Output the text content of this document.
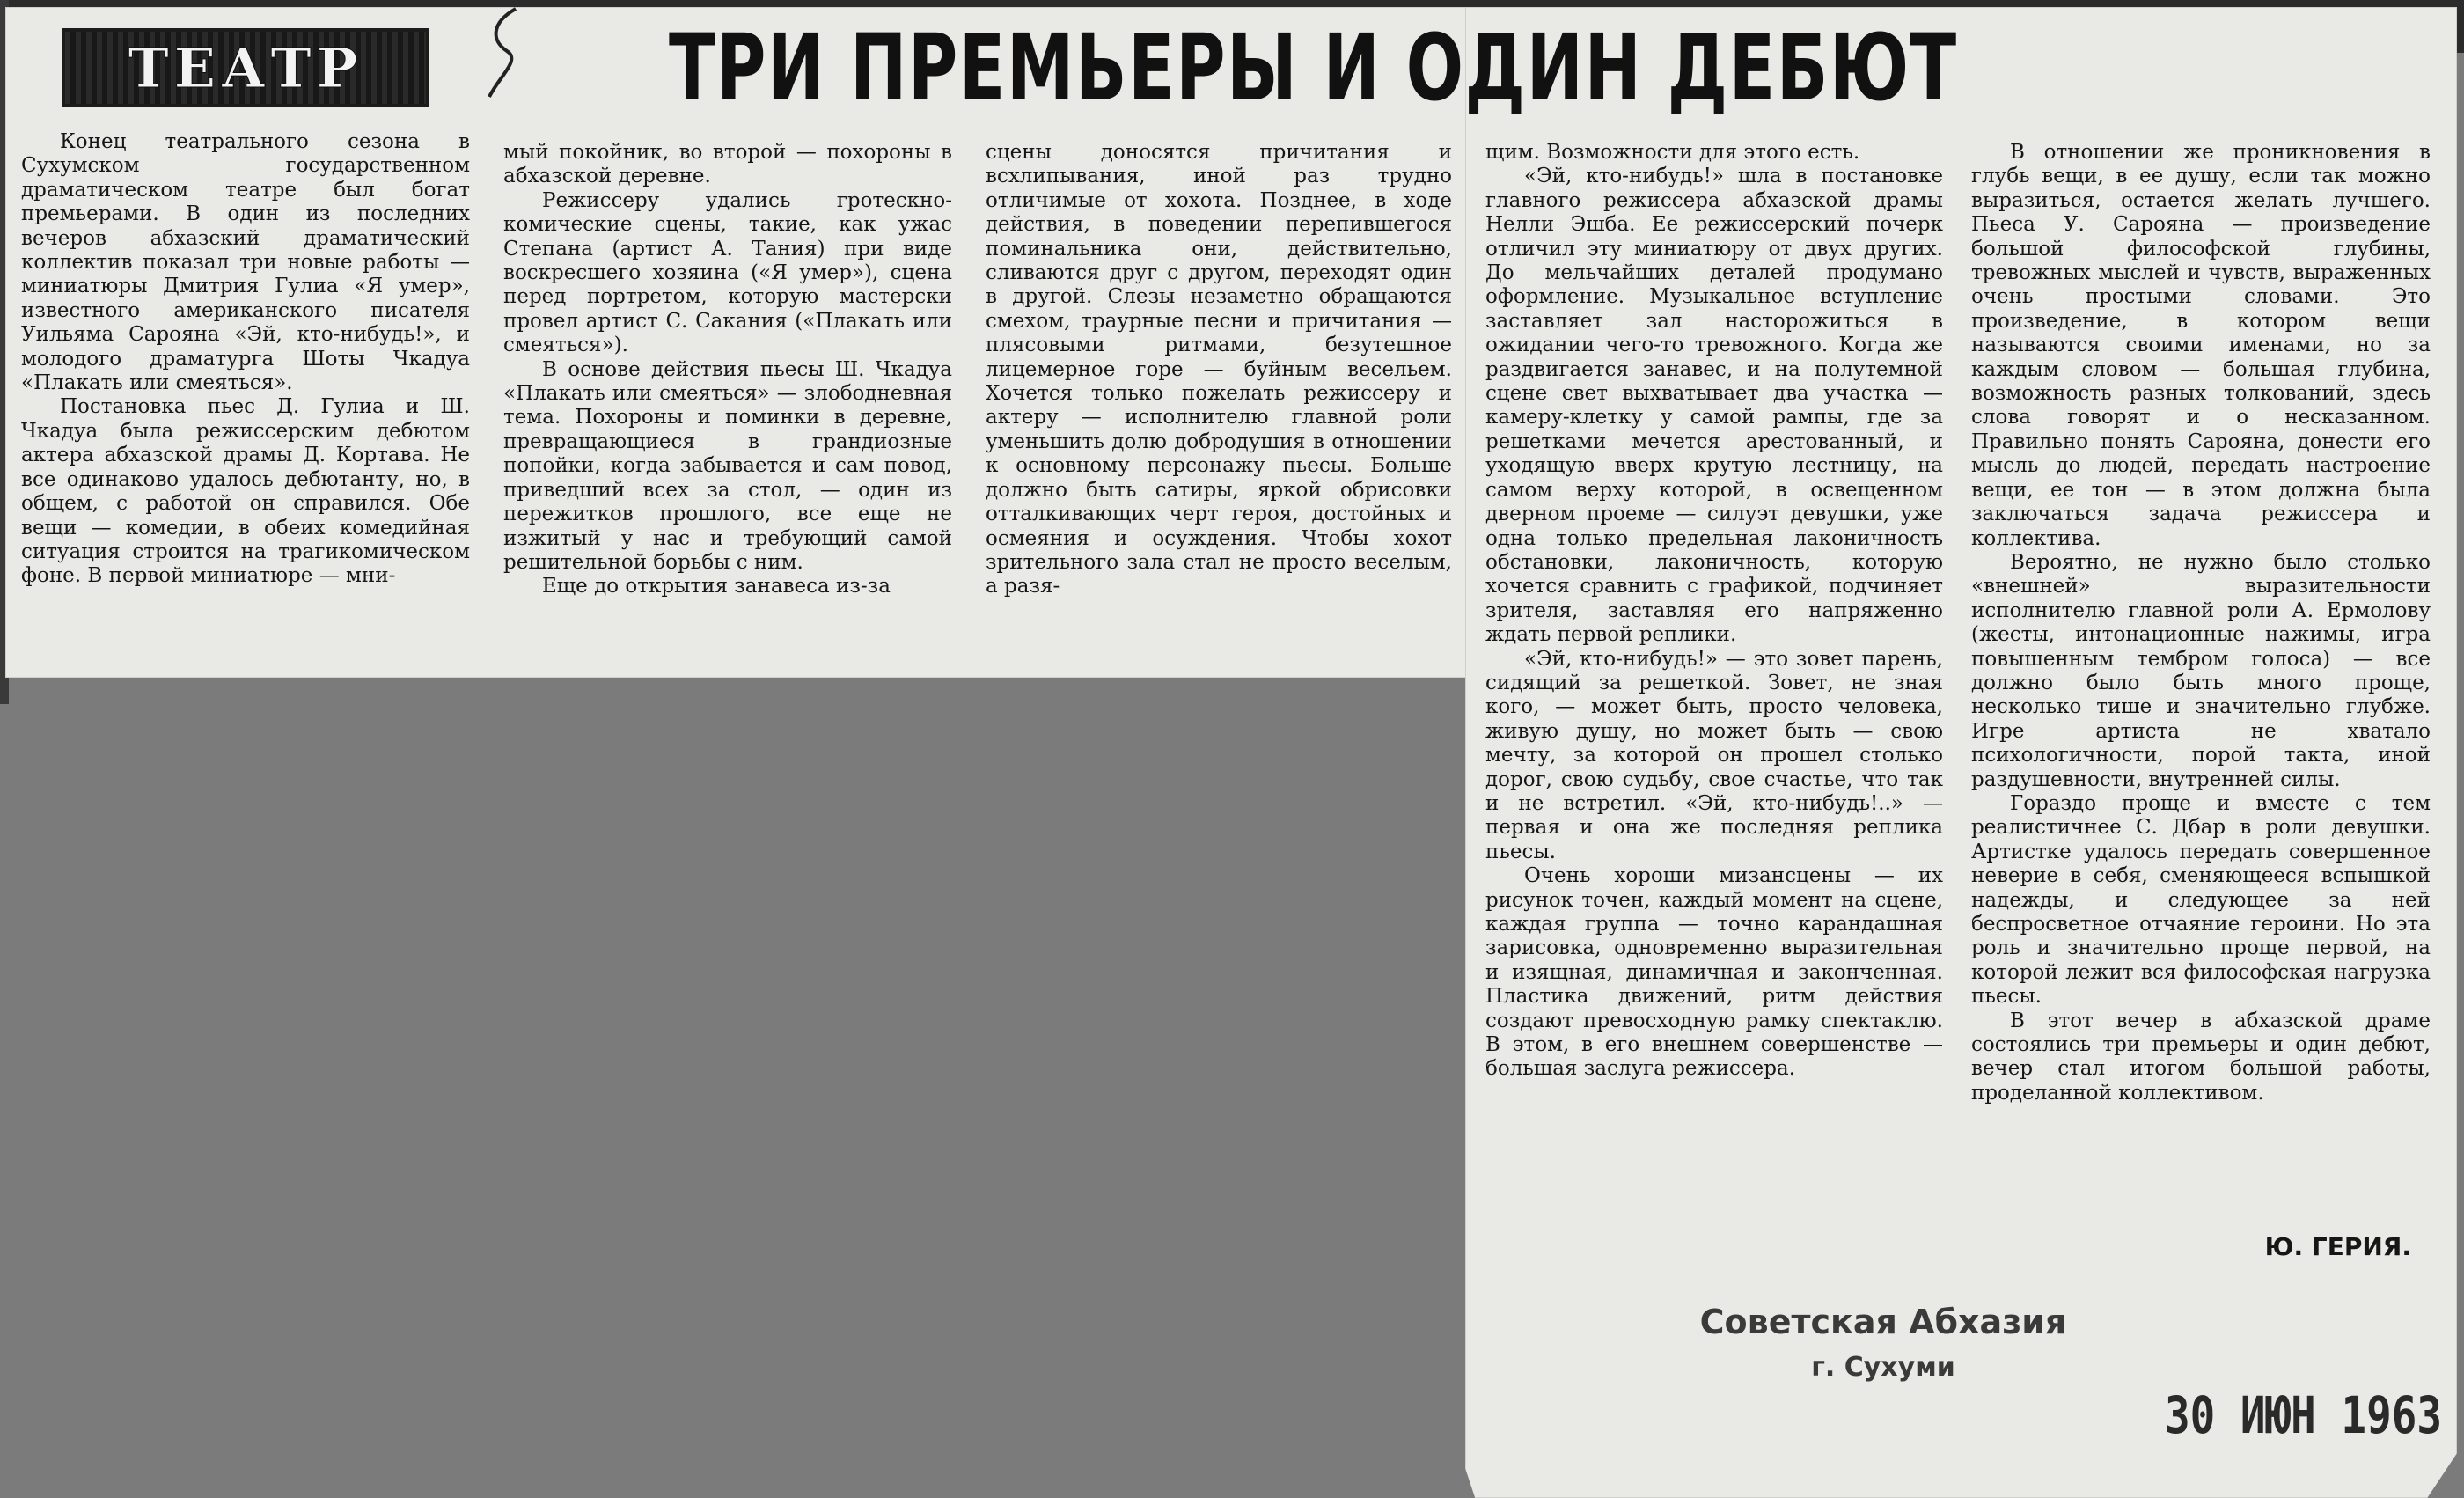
ТЕАТР	ТРИ ПРЕМЬЕРЫ И ОДИН ДЕБЮТ

Конец театрального сезона в Сухумском государственном драматическом театре был богат премьерами. В один из последних вечеров абхазский драматический коллектив показал три новые работы —миниатюры Дмитрия Гулиа «Я умер», известного американского писателя Уильяма Сарояна «Эй, кто-нибудь!», и молодого драматурга Шоты Чкадуа «Плакать или смеяться».

Постановка пьес Д. Гулиа и Ш. Чкадуа была режиссерским дебютом актера абхазской драмы Д. Кортава. Не все одинаково удалось дебютанту, но, в общем, с работой он справился. Обе вещи — комедии, в обеих комедийная ситуация строится на трагикомическом фоне. В первой миниатюре — мни-

мый покойник, во второй — похороны в абхазской деревне.

Режиссеру удались гротескно-комические сцены, такие, как ужас Степана (артист А. Тания) при виде воскресшего хозяина («Я умер»), сцена перед портретом, которую мастерски провел артист С. Сакания («Плакать или смеяться»).

В основе действия пьесы Ш. Чкадуа «Плакать или смеяться» — злободневная тема. Похороны и поминки в деревне, превращающиеся в грандиозные попойки, когда забывается и сам повод, приведший всех за стол, — один из пережитков прошлого, все еще не изжитый у нас и требующий самой решительной борьбы с ним.

Еще до открытия занавеса из-за

сцены доносятся причитания и всхлипывания, иной раз трудно отличимые от хохота. Позднее, в ходе действия, в поведении перепившегося поминальника они, действительно, сливаются друг с другом, переходят один в другой. Слезы незаметно обращаются смехом, траурные песни и причитания — плясовыми ритмами, безутешное лицемерное горе — буйным весельем. Хочется только пожелать режиссеру и актеру — исполнителю главной роли уменьшить долю добродушия в отношении к основному персонажу пьесы. Больше должно быть сатиры, яркой обрисовки отталкивающих черт героя, достойных и осмеяния и осуждения. Чтобы хохот зрительного зала стал не просто веселым, а разя-

щим. Возможности для этого есть.

«Эй, кто-нибудь!» шла в постановке главного режиссера абхазской драмы Нелли Эшба. Ее режиссерский почерк отличил эту миниатюру от двух других. До мельчайших деталей продумано оформление. Музыкальное вступление заставляет зал насторожиться в ожидании чего-то тревожного. Когда же раздвигается занавес, и на полутемной сцене свет выхватывает два участка — камеру-клетку у самой рампы, где за решетками мечется арестованный, и уходящую вверх крутую лестницу, на самом верху которой, в освещенном дверном проеме — силуэт девушки, уже одна только предельная лаконичность обстановки, лаконичность, которую хочется сравнить с графикой, подчиняет зрителя, заставляя его напряженно ждать первой реплики.

«Эй, кто-нибудь!» — это зовет парень, сидящий за решеткой. Зовет, не зная кого, — может быть, просто человека, живую душу, но может быть — свою мечту, за которой он прошел столько дорог, свою судьбу, свое счастье, что так и не встретил. «Эй, кто-нибудь!..» — первая и она же последняя реплика пьесы.

Очень хороши мизансцены — их рисунок точен, каждый момент на сцене, каждая группа — точно карандашная зарисовка, одновременно выразительная и изящная, динамичная и законченная. Пластика движений, ритм действия создают превосходную рамку спектаклю. В этом, в его внешнем совершенстве — большая заслуга режиссера.

В отношении же проникновения в глубь вещи, в ее душу, если так можно выразиться, остается желать лучшего. Пьеса У. Сарояна — произведение большой философской глубины, тревожных мыслей и чувств, выраженных очень простыми словами. Это произведение, в котором вещи называются своими именами, но за каждым словом — большая глубина, возможность разных толкований, здесь слова говорят и о несказанном. Правильно понять Сарояна, донести его мысль до людей, передать настроение вещи, ее тон — в этом должна была заключаться задача режиссера и коллектива.

Вероятно, не нужно было столько «внешней» выразительности исполнителю главной роли А. Ермолову (жесты, интонационные нажимы, игра повышенным тембром голоса) — все должно было быть много проще, несколько тише и значительно глубже. Игре артиста не хватало психологичности, порой такта, иной раздушевности, внутренней силы.

Гораздо проще и вместе с тем реалистичнее С. Дбар в роли девушки. Артистке удалось передать совершенное неверие в себя, сменяющееся вспышкой надежды, и следующее за ней беспросветное отчаяние героини. Но эта роль и значительно проще первой, на которой лежит вся философская нагрузка пьесы.

В этот вечер в абхазской драме состоялись три премьеры и один дебют, вечер стал итогом большой работы, проделанной коллективом.

Ю. ГЕРИЯ.
Советская Абхазия
г. Сухуми
30 ИЮН 1963
